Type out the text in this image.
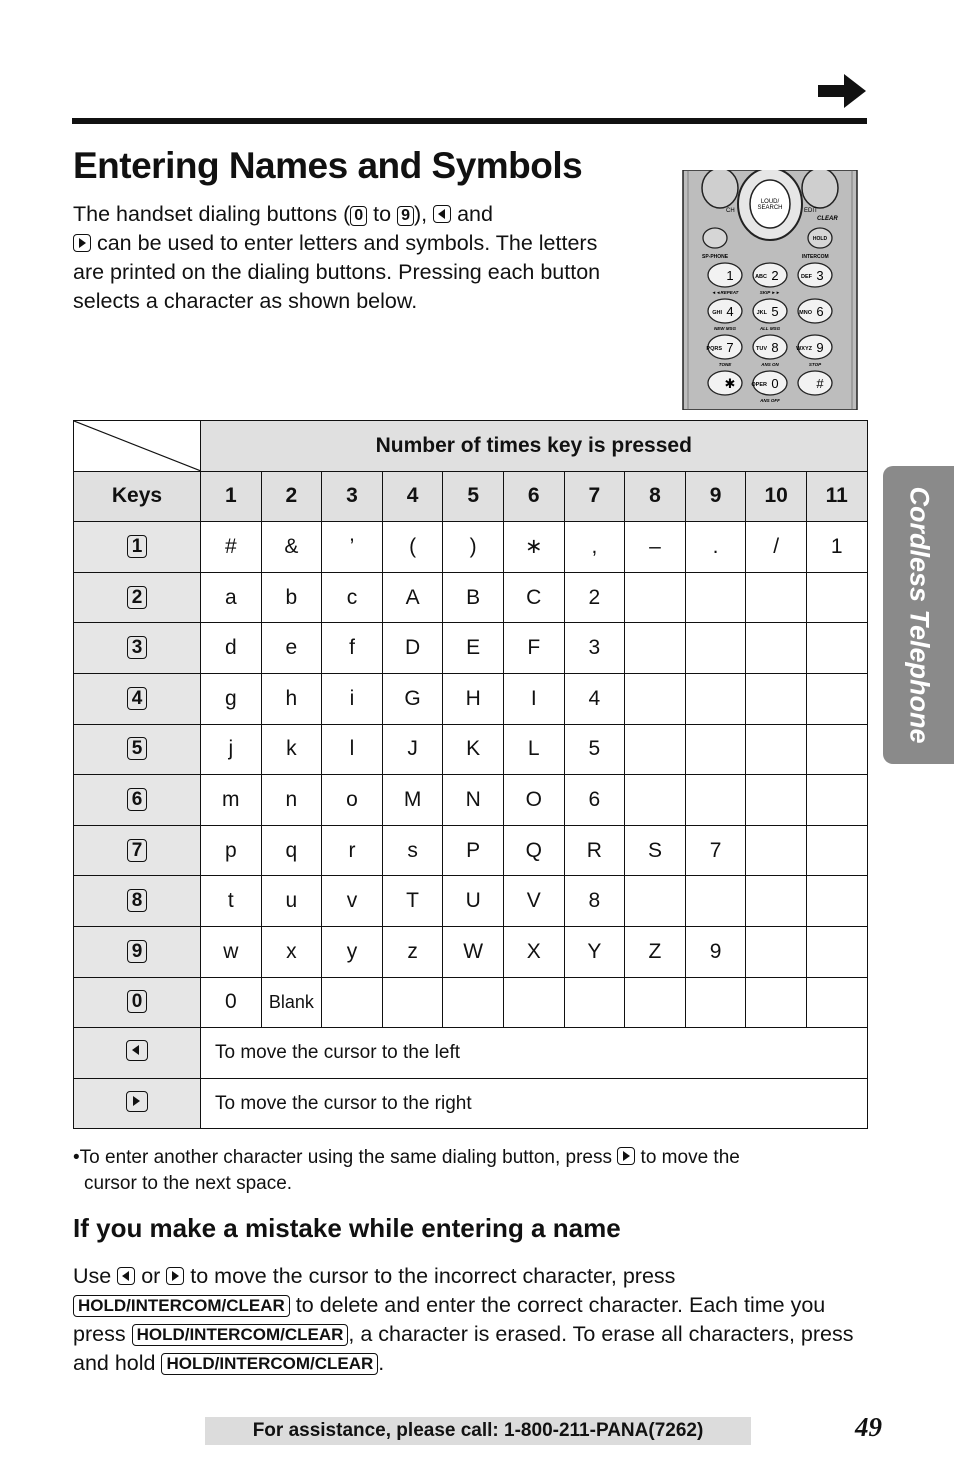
Entering Names and Symbols
The handset dialing buttons ( 0 to 9 ),  and
can be used to enter letters and symbols. The letters are printed on the dialing buttons. Pressing each button selects a character as shown below.
LOUD/
SEARCH
CH	EDIT
CLEAR
HOLD
SP-PHONE	INTERCOM
1
◄◄REPEAT
ABC 2
SKIP ►►
DEF 3
GHI 4
NEW MSG
JKL 5
ALL MSG
MNO 6
PQRS 7
TONE
TUV 8
ANS ON
WXYZ 9
STOP
✱	OPER 0
ANS OFF
#
	Number of times key is pressed										
Keys	1	2	3	4	5	6	7	8	9	10	11
1	#	&	’	(	)	∗	,	–	.	/	1
2	a	b	c	A	B	C	2				
3	d	e	f	D	E	F	3				
4	g	h	i	G	H	I	4				
5	j	k	l	J	K	L	5				
6	m	n	o	M	N	O	6				
7	p	q	r	s	P	Q	R	S	7		
8	t	u	v	T	U	V	8				
9	w	x	y	z	W	X	Y	Z	9		
0	0	Blank									
	To move the cursor to the left										
	To move the cursor to the right										
•To enter another character using the same dialing button, press  to move the
cursor to the next space.
If you make a mistake while entering a name
Use  or  to move the cursor to the incorrect character, press
HOLD/INTERCOM/CLEAR to delete and enter the correct character. Each time you press HOLD/INTERCOM/CLEAR , a character is erased. To erase all characters, press and hold HOLD/INTERCOM/CLEAR .
Cordless Telephone
For assistance, please call: 1-800-211-PANA(7262)	49
